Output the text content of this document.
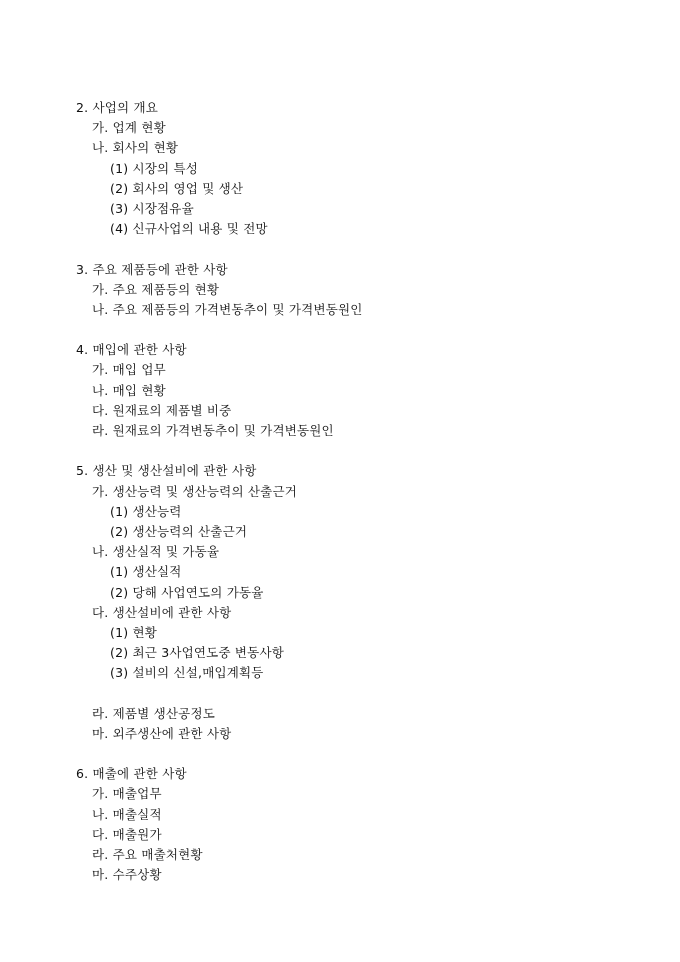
2. 사업의 개요
가. 업계 현황
나. 회사의 현황
(1) 시장의 특성
(2) 회사의 영업 및 생산
(3) 시장점유율
(4) 신규사업의 내용 및 전망
3. 주요 제품등에 관한 사항
가. 주요 제품등의 현황
나. 주요 제품등의 가격변동추이 및 가격변동원인
4. 매입에 관한 사항
가. 매입 업무
나. 매입 현황
다. 원재료의 제품별 비중
라. 원재료의 가격변동추이 및 가격변동원인
5. 생산 및 생산설비에 관한 사항
가. 생산능력 및 생산능력의 산출근거
(1) 생산능력
(2) 생산능력의 산출근거
나. 생산실적 및 가동율
(1) 생산실적
(2) 당해 사업연도의 가동율
다. 생산설비에 관한 사항
(1) 현황
(2) 최근 3사업연도중 변동사항
(3) 설비의 신설,매입계획등
라. 제품별 생산공정도
마. 외주생산에 관한 사항
6. 매출에 관한 사항
가. 매출업무
나. 매출실적
다. 매출원가
라. 주요 매출처현황
마. 수주상황
